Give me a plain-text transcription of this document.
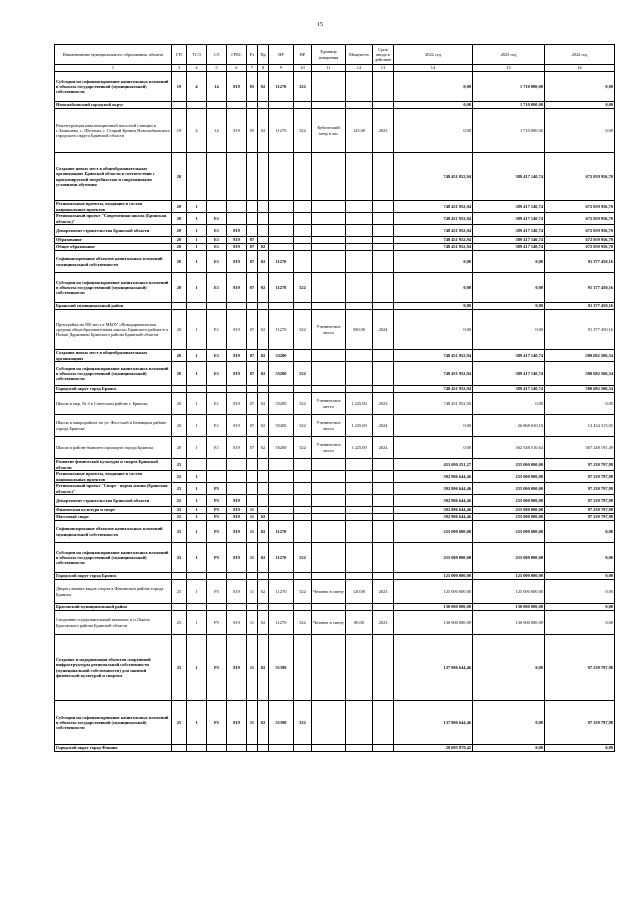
15
Наименование муниципального образования, объекта	ГП	ТСЭ	СЭ	ГРБС	Рз	Пр	НР	ВР	Единица измерения	Мощность	Срок ввода в действие	2022 год	2023 год	2024 год
1	3	4	5	6	7	8	9	10	11	12	13	14	15	16
Субсидии на софинансирование капитальных вложений в объекты государственной (муниципальной) собственности	19	4	14	819	05	02	11270	522				0,00	1 710 000,00	0,00
Новозыбковский городской округ												0,00	1 710 000,00	0,00
Реконструкция канализационной насосной станции в с.Замишево, с. Шеломы, с. Старый Кривец Новозыбковского городского округа Брянской области	19	4	14	819	05	02	11270	522	Кубический метр в час	125,00	2023	0,00	1 710 000,00	0,00
Создание новых мест в общеобразовательных организациях Брянской области в соответствии с прогнозируемой потребностью и современными условиями обучения	20											748 451 952,94	389 417 140,74	672 059 956,70
Региональные проекты, входящие в состав национальных проектов	20	1										748 451 952,94	389 417 140,74	672 059 956,70
Региональный проект "Современная школа (Брянская область)"	20	1	E1									748 451 952,94	389 417 140,74	672 059 956,70
Департамент строительства Брянской области	20	1	E1	819								748 451 952,94	389 417 140,74	672 059 956,70
Образование	20	1	E1	819	07							748 451 952,94	389 417 140,74	672 059 956,70
Общее образование	20	1	E1	819	07	02						748 451 952,94	389 417 140,74	672 059 956,70
Софинансирование объектов капитальных вложений муниципальной собственности	20	1	E1	819	07	02	11270					0,00	0,00	91 377 450,16
Субсидии на софинансирование капитальных вложений в объекты государственной (муниципальной) собственности	20	1	E1	819	07	02	11270	522				0,00	0,00	91 377 450,16
Брянский муниципальный район												0,00	0,00	91 377 450,16
Пристройка на 500 мест к МБОУ «Новодарковичская средняя общеобразовательная школа» Брянского района в п. Новые Дарковичи Брянского района Брянской области	20	1	E1	819	07	02	11270	522	Ученическое место	500,00	2024	0,00	0,00	91 377 450,16
Создание новых мест в общеобразовательных организациях	20	1	E1	819	07	02	55200					748 451 952,94	389 417 140,74	580 682 506,54
Субсидии на софинансирование капитальных вложений в объекты государственной (муниципальной) собственности	20	1	E1	819	07	02	55200	522				748 451 952,94	389 417 140,74	580 682 506,54
Городской округ город Брянск												748 451 952,94	389 417 140,74	580 682 506,54
Школа в мкр. № 4 в Советском районе г. Брянска	20	1	E1	819	07	02	55200	522	Ученическое место	1 225,00	2023	748 451 952,94	0,00	0,00
Школа в микрорайоне по ул. Фосгской и Бежицком районе города Брянска	20	1	E1	819	07	02	55200	522	Ученическое место	1 225,00	2024	0,00	26 868 630,10	13 434 315,05
Школа в районе бывшего аэропорта города Брянска	20	1	E1	819	07	02	55200	522	Ученическое место	1 225,00	2024	0,00	362 548 510,64	567 248 191,49
Развитие физической культуры и спорта Брянской области	25											453 690 251,27	255 000 000,00	97 239 797,98
Региональные проекты, входящие в состав национальных проектов	25	1										392 806 644,46	255 000 000,00	97 239 797,98
Региональный проект "Спорт - норма жизни (Брянская область)"	25	1	P5									392 806 644,46	255 000 000,00	97 239 797,98
Департамент строительства Брянской области	25	1	P5	819								392 806 644,46	255 000 000,00	97 239 797,98
Физическая культура и спорт	25	1	P5	819	11							392 806 644,46	255 000 000,00	97 239 797,98
Массовый спорт	25	1	P5	819	11	02						392 806 644,46	255 000 000,00	97 239 797,98
Софинансирование объектов капитальных вложений муниципальной собственности	25	1	P5	819	11	02	11270					255 000 000,00	255 000 000,00	0,00
Субсидии на софинансирование капитальных вложений в объекты государственной (муниципальной) собственности	25	1	P5	819	11	02	11270	522				255 000 000,00	255 000 000,00	0,00
Городской округ город Брянск												125 000 000,00	125 000 000,00	0,00
Дворец зимних видов спорта в Фокинском районе города Брянска	25	1	P5	819	11	02	11270	522	Человек в смену	120,00	2023	125 000 000,00	125 000 000,00	0,00
Брасовский муниципальный район												130 000 000,00	130 000 000,00	0,00
Спортивно-оздоровительный комплекс в п.Локоть Брасовского района Брянской области	25	1	P5	819	11	02	11270	522	Человек в смену	80,00	2023	130 000 000,00	130 000 000,00	0,00
Создание и модернизация объектов спортивной инфраструктуры региональной собственности (муниципальной собственности) для занятий физической культурой и спортом	25	1	P5	819	11	02	51390					137 806 644,46	0,00	97 239 797,98
Субсидии на софинансирование капитальных вложений в объекты государственной (муниципальной) собственности	25	1	P5	819	11	02	51390	522				137 806 644,46	0,00	97 239 797,98
Городской округ город Фокино												28 695 979,42	0,00	0,00
